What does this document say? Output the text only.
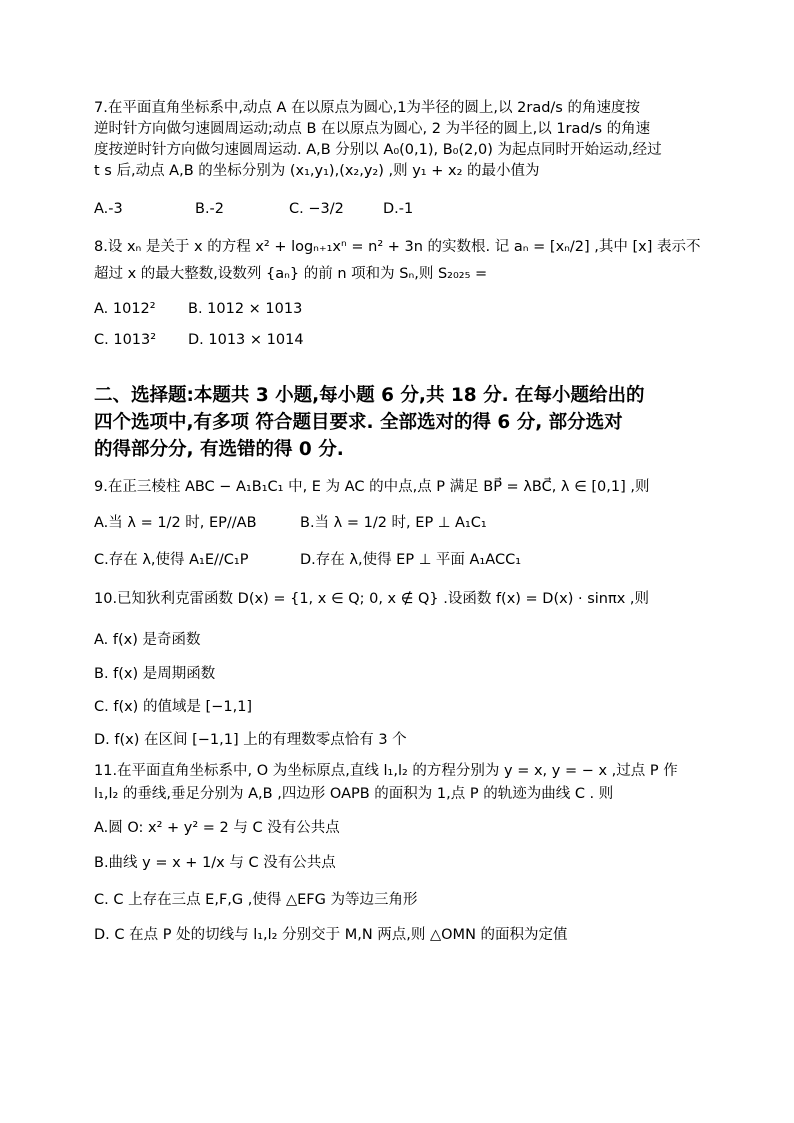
7.在平面直角坐标系中,动点 A 在以原点为圆心,1为半径的圆上,以 2rad/s 的角速度按
逆时针方向做匀速圆周运动;动点 B 在以原点为圆心, 2 为半径的圆上,以 1rad/s 的角速
度按逆时针方向做匀速圆周运动. A,B 分别以 A₀(0,1), B₀(2,0) 为起点同时开始运动,经过
t s 后,动点 A,B 的坐标分别为 (x₁,y₁),(x₂,y₂) ,则 y₁ + x₂ 的最小值为
A.-3	B.-2	C. −3/2	D.-1
8.设 xₙ 是关于 x 的方程 x² + logₙ₊₁xⁿ = n² + 3n 的实数根. 记 aₙ = [xₙ/2] ,其中 [x] 表示不
超过 x 的最大整数,设数列 {aₙ} 的前 n 项和为 Sₙ,则 S₂₀₂₅ =
A. 1012² B. 1012 × 1013
C. 1013² D. 1013 × 1014
二、选择题:本题共 3 小题,每小题 6 分,共 18 分. 在每小题给出的
四个选项中,有多项 符合题目要求. 全部选对的得 6 分, 部分选对
的得部分分, 有选错的得 0 分.
9.在正三棱柱 ABC − A₁B₁C₁ 中, E 为 AC 的中点,点 P 满足 BP⃗ = λBC⃗, λ ∈ [0,1] ,则
A.当 λ = 1/2 时, EP//AB	B.当 λ = 1/2 时, EP ⊥ A₁C₁
C.存在 λ,使得 A₁E//C₁P	D.存在 λ,使得 EP ⊥ 平面 A₁ACC₁
10.已知狄利克雷函数 D(x) = {1, x ∈ Q; 0, x ∉ Q} .设函数 f(x) = D(x) · sinπx ,则
A. f(x) 是奇函数
B. f(x) 是周期函数
C. f(x) 的值域是 [−1,1]
D. f(x) 在区间 [−1,1] 上的有理数零点恰有 3 个
11.在平面直角坐标系中, O 为坐标原点,直线 l₁,l₂ 的方程分别为 y = x, y = − x ,过点 P 作
l₁,l₂ 的垂线,垂足分别为 A,B ,四边形 OAPB 的面积为 1,点 P 的轨迹为曲线 C . 则
A.圆 O: x² + y² = 2 与 C 没有公共点
B.曲线 y = x + 1/x 与 C 没有公共点
C. C 上存在三点 E,F,G ,使得 △EFG 为等边三角形
D. C 在点 P 处的切线与 l₁,l₂ 分别交于 M,N 两点,则 △OMN 的面积为定值
